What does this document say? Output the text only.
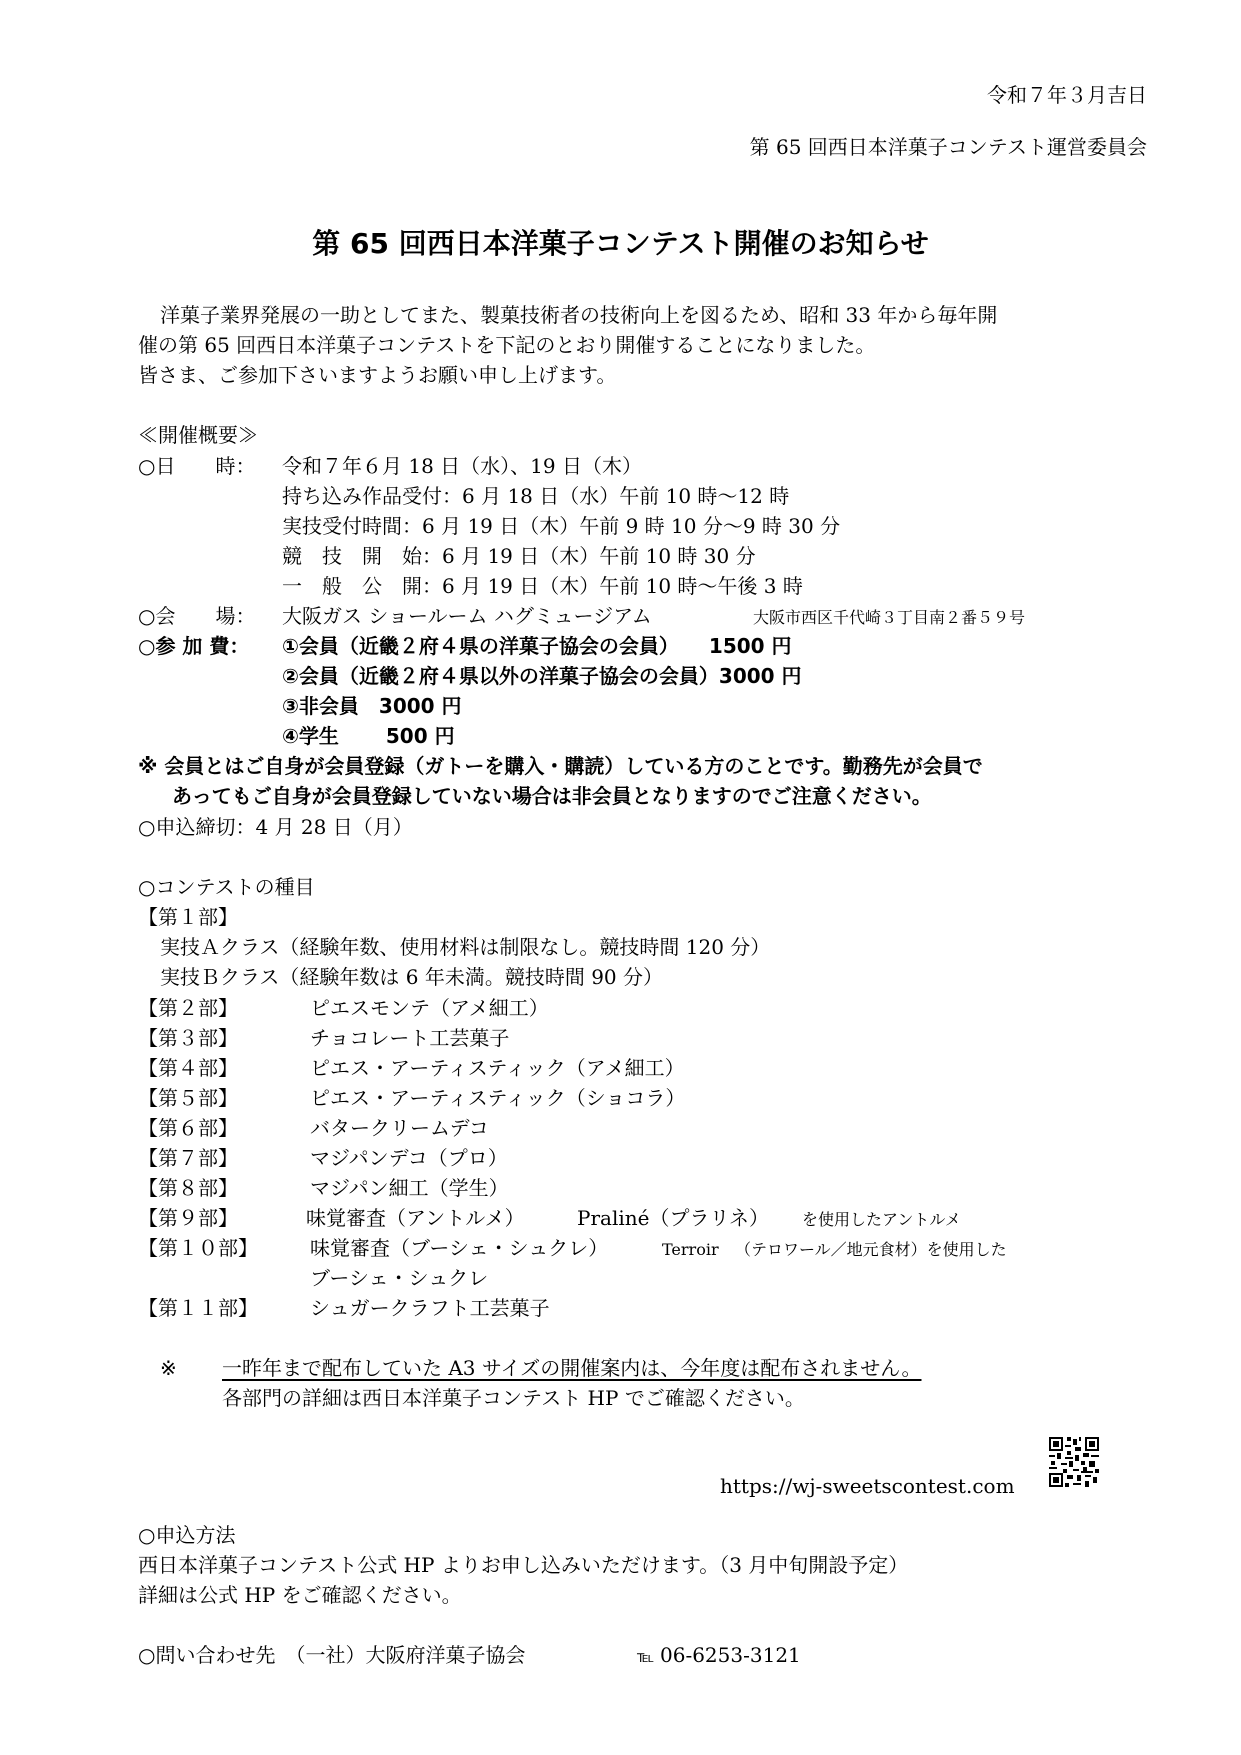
令和７年３月吉日
第 65 回西日本洋菓子コンテスト運営委員会
第 65 回西日本洋菓子コンテスト開催のお知らせ
洋菓子業界発展の一助としてまた、製菓技術者の技術向上を図るため、昭和 33 年から毎年開
催の第 65 回西日本洋菓子コンテストを下記のとおり開催することになりました。
皆さま、ご参加下さいますようお願い申し上げます。
≪開催概要≫
○日　　時： 令和７年６月 18 日（水）、19 日（木）
持ち込み作品受付：6 月 18 日（水）午前 10 時～12 時
実技受付時間：6 月 19 日（木）午前 9 時 10 分～9 時 30 分
競　技　開　始：6 月 19 日（木）午前 10 時 30 分
一　般　公　開：6 月 19 日（木）午前 10 時～午後 3 時
○会　　場： 大阪ガス ショールーム ハグミュージアム	大阪市西区千代崎３丁目南２番５９号
○参 加 費： ①会員（近畿２府４県の洋菓子協会の会員）　　1500 円
②会員（近畿２府４県以外の洋菓子協会の会員）3000 円
③非会員　3000 円
④学生　　 500 円
※ 会員とはご自身が会員登録（ガトーを購入・購読）している方のことです。勤務先が会員で
あってもご自身が会員登録していない場合は非会員となりますのでご注意ください。
○申込締切：4 月 28 日（月）
○コンテストの種目
【第１部】
実技Ａクラス（経験年数、使用材料は制限なし。競技時間 120 分）
実技Ｂクラス（経験年数は 6 年未満。競技時間 90 分）
【第２部】	ピエスモンテ（アメ細工）
【第３部】	チョコレート工芸菓子
【第４部】	ピエス・アーティスティック（アメ細工）
【第５部】	ピエス・アーティスティック（ショコラ）
【第６部】	バタークリームデコ
【第７部】	マジパンデコ（プロ）
【第８部】	マジパン細工（学生）
【第９部】	味覚審査（アントルメ）	Praliné（プラリネ） を使用したアントルメ
【第１０部】	味覚審査（ブーシェ・シュクレ）	Terroir （テロワール／地元食材）を使用した
ブーシェ・シュクレ
【第１１部】	シュガークラフト工芸菓子
※ 一昨年まで配布していた A3 サイズの開催案内は、今年度は配布されません。
各部門の詳細は西日本洋菓子コンテスト HP でご確認ください。
https://wj-sweetscontest.com
○申込方法
西日本洋菓子コンテスト公式 HP よりお申し込みいただけます。（3 月中旬開設予定）
詳細は公式 HP をご確認ください。
○問い合わせ先　（一社）大阪府洋菓子協会	℡ 06-6253-3121
